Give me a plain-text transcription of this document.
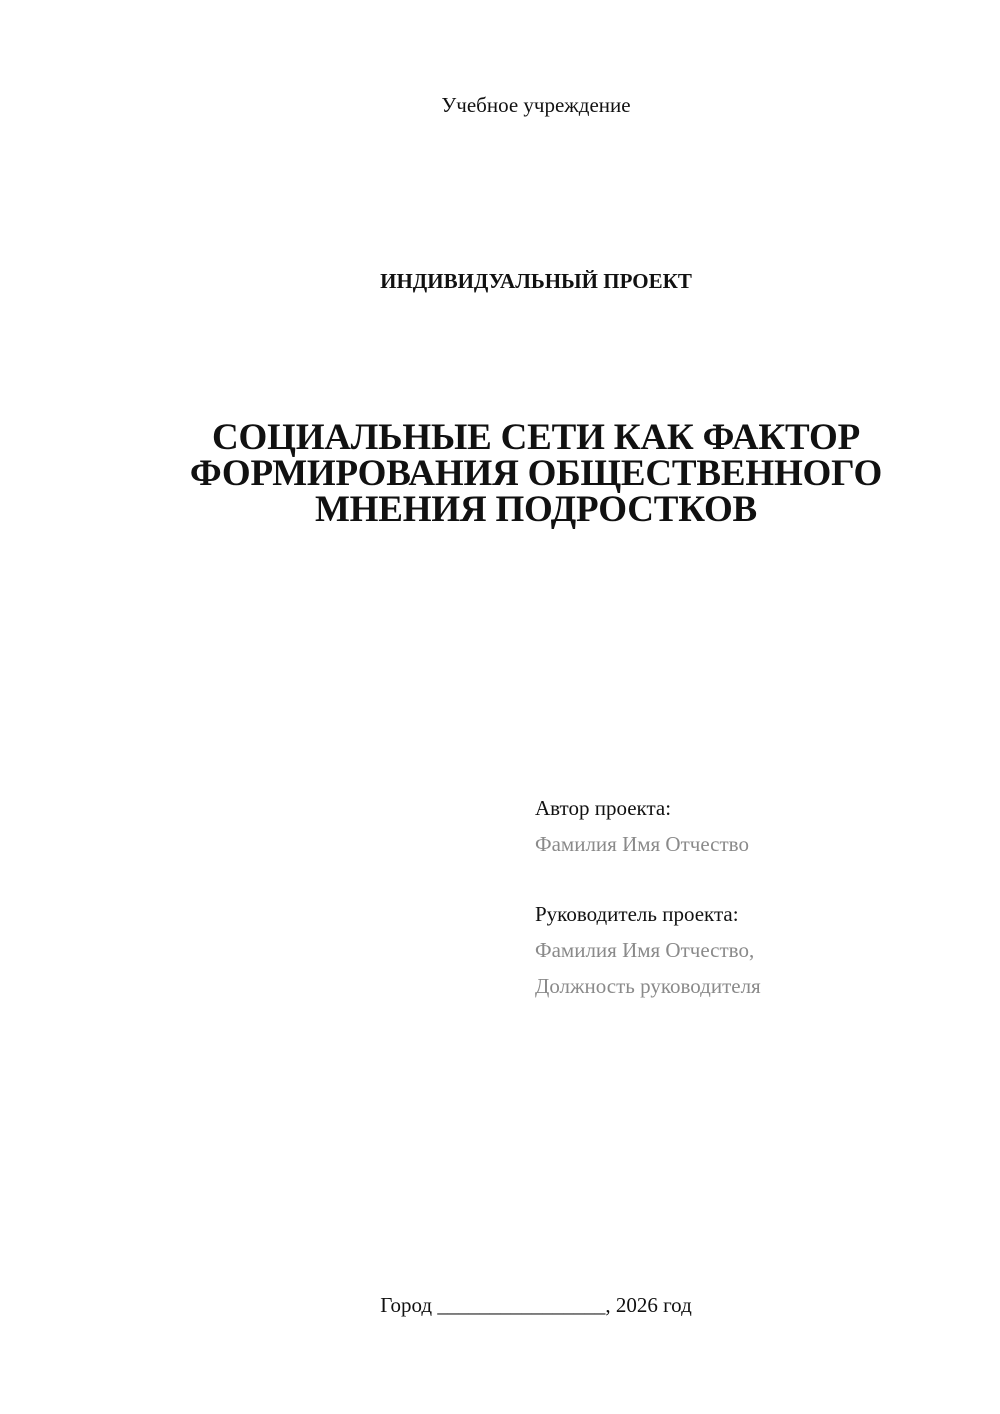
Учебное учреждение
ИНДИВИДУАЛЬНЫЙ ПРОЕКТ
СОЦИАЛЬНЫЕ СЕТИ КАК ФАКТОР
ФОРМИРОВАНИЯ ОБЩЕСТВЕННОГО
МНЕНИЯ ПОДРОСТКОВ
Автор проекта:
Фамилия Имя Отчество
Руководитель проекта:
Фамилия Имя Отчество,
Должность руководителя
Город ________________, 2026 год
